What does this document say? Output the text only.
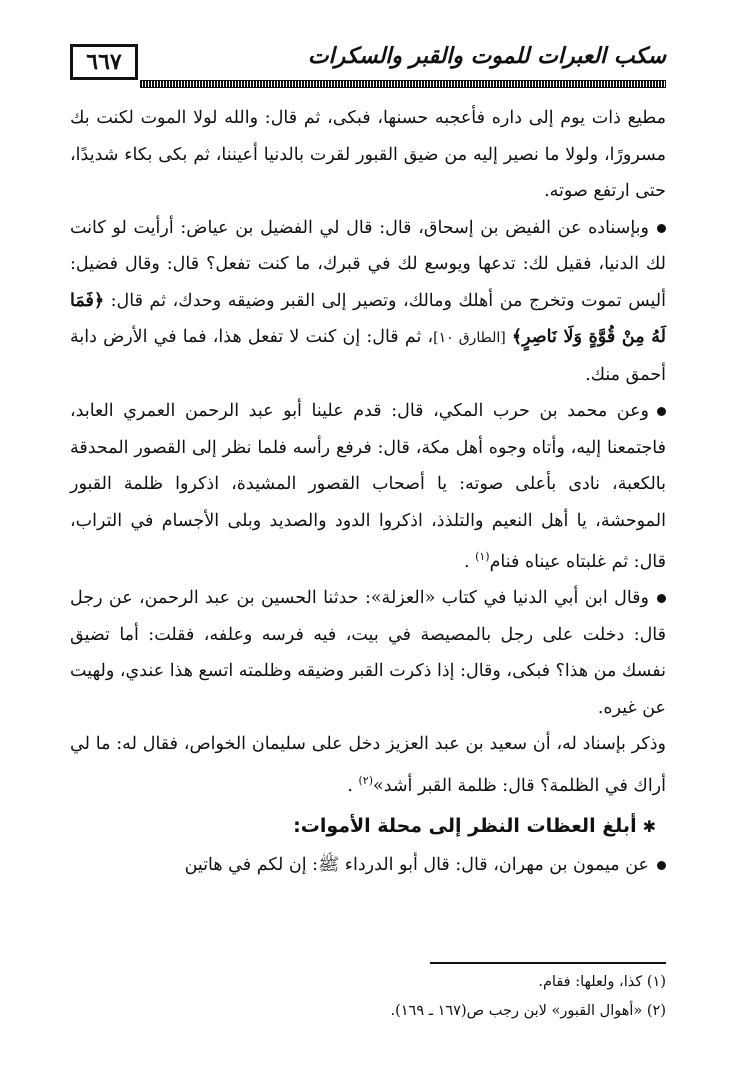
٦٦٧	سكب العبرات للموت والقبر والسكرات

مطيع ذات يوم إلى داره فأعجبه حسنها، فبكى، ثم قال: والله لولا الموت لكنت بك مسرورًا، ولولا ما نصير إليه من ضيق القبور لقرت بالدنيا أعيننا، ثم بكى بكاء شديدًا، حتى ارتفع صوته.

وبإسناده عن الفيض بن إسحاق، قال: قال لي الفضيل بن عياض: أرأيت لو كانت لك الدنيا، فقيل لك: تدعها ويوسع لك في قبرك، ما كنت تفعل؟ قال: وقال فضيل: أليس تموت وتخرج من أهلك ومالك، وتصير إلى القبر وضيقه وحدك، ثم قال: ﴿فَمَا لَهُ مِنْ قُوَّةٍ وَلَا نَاصِرٍ﴾ [الطارق ١٠]، ثم قال: إن كنت لا تفعل هذا، فما في الأرض دابة أحمق منك.

وعن محمد بن حرب المكي، قال: قدم علينا أبو عبد الرحمن العمري العابد، فاجتمعنا إليه، وأتاه وجوه أهل مكة، قال: فرفع رأسه فلما نظر إلى القصور المحدقة بالكعبة، نادى بأعلى صوته: يا أصحاب القصور المشيدة، اذكروا ظلمة القبور الموحشة، يا أهل النعيم والتلذذ، اذكروا الدود والصديد وبلى الأجسام في التراب، قال: ثم غلبتاه عيناه فنام$^{(١)}$ .

وقال ابن أبي الدنيا في كتاب «العزلة»: حدثنا الحسين بن عبد الرحمن، عن رجل قال: دخلت على رجل بالمصيصة في بيت، فيه فرسه وعلفه، فقلت: أما تضيق نفسك من هذا؟ فبكى، وقال: إذا ذكرت القبر وضيقه وظلمته اتسع هذا عندي، ولهيت عن غيره.

وذكر بإسناد له، أن سعيد بن عبد العزيز دخل على سليمان الخواص، فقال له: ما لي أراك في الظلمة؟ قال: ظلمة القبر أشد»$^{(٢)}$ .

✱أبلغ العظات النظر إلى محلة الأموات:

عن ميمون بن مهران، قال: قال أبو الدرداء ﷺ: إن لكم في هاتين

(١) كذا، ولعلها: فقام.

(٢) «أهوال القبور» لابن رجب ص(١٦٧ ـ ١٦٩).
